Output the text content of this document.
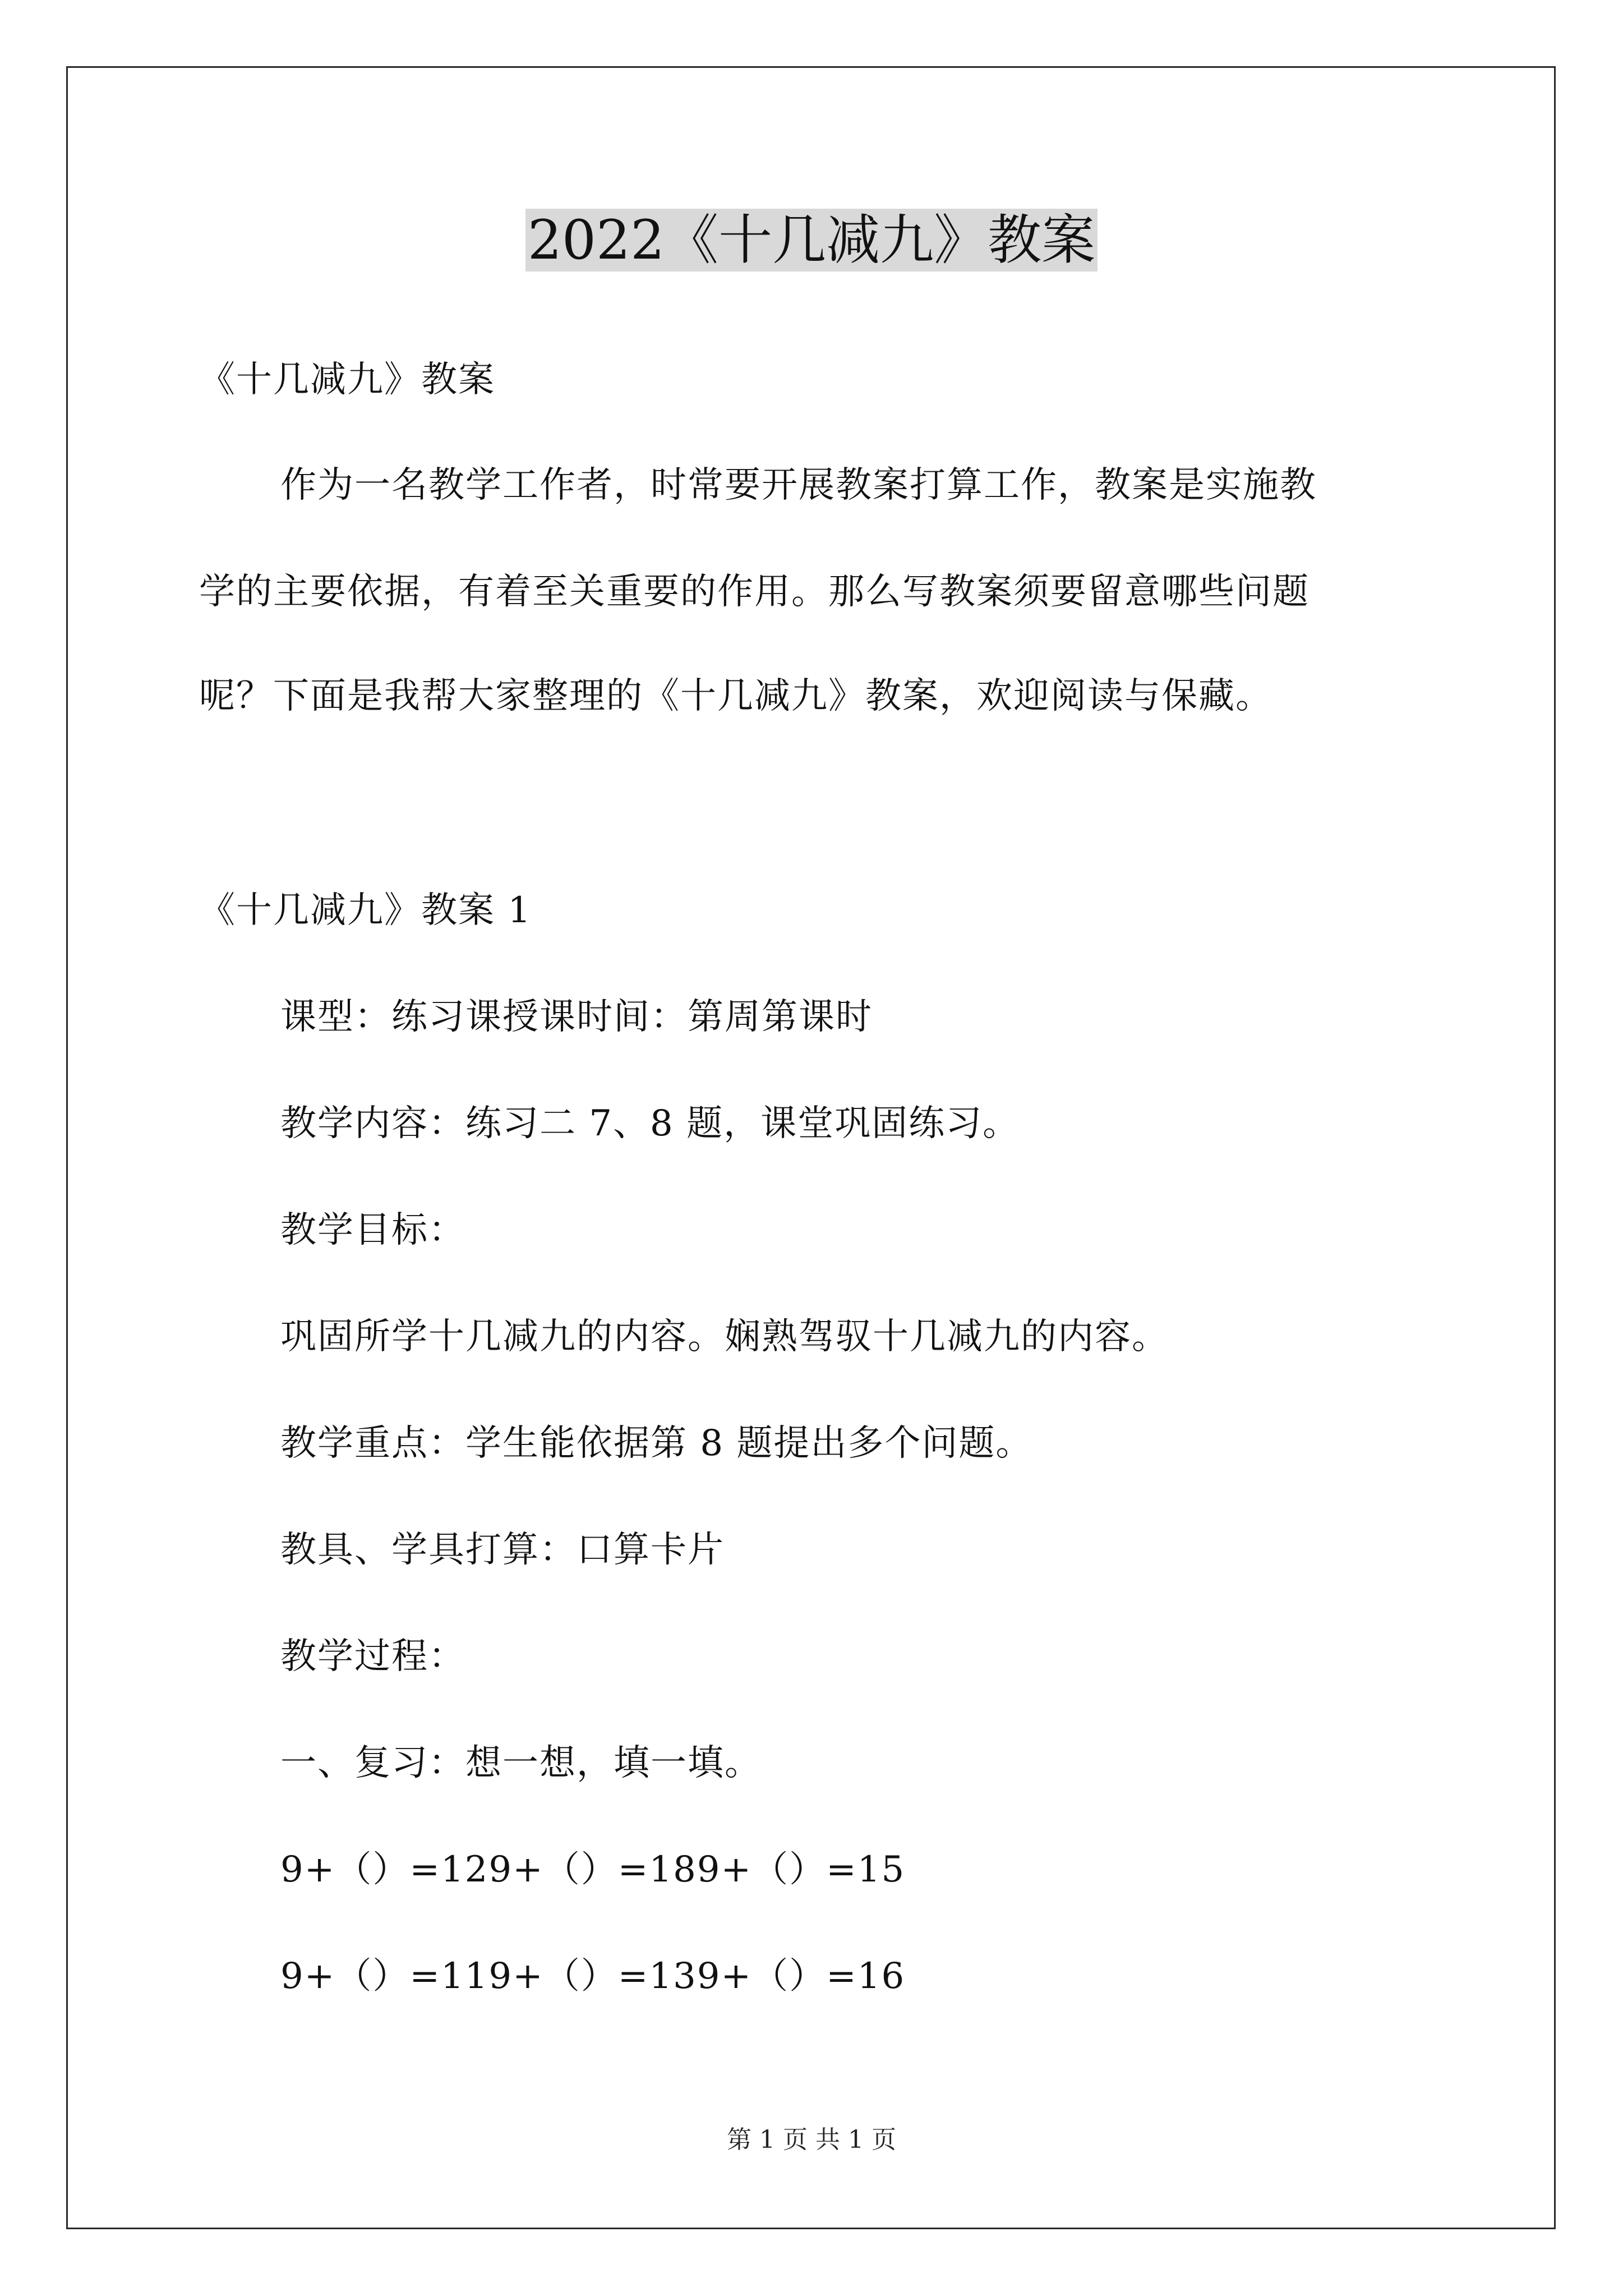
2022《十几减九》教案
《十几减九》教案
作为一名教学工作者，时常要开展教案打算工作，教案是实施教
学的主要依据，有着至关重要的作用。那么写教案须要留意哪些问题
呢？下面是我帮大家整理的《十几减九》教案，欢迎阅读与保藏。
《十几减九》教案 1
课型：练习课授课时间：第周第课时
教学内容：练习二 7、8 题，课堂巩固练习。
教学目标：
巩固所学十几减九的内容。娴熟驾驭十几减九的内容。
教学重点：学生能依据第 8 题提出多个问题。
教具、学具打算：口算卡片
教学过程：
一、复习：想一想，填一填。
9+（）=129+（）=189+（）=15
9+（）=119+（）=139+（）=16
第 1 页 共 1 页
